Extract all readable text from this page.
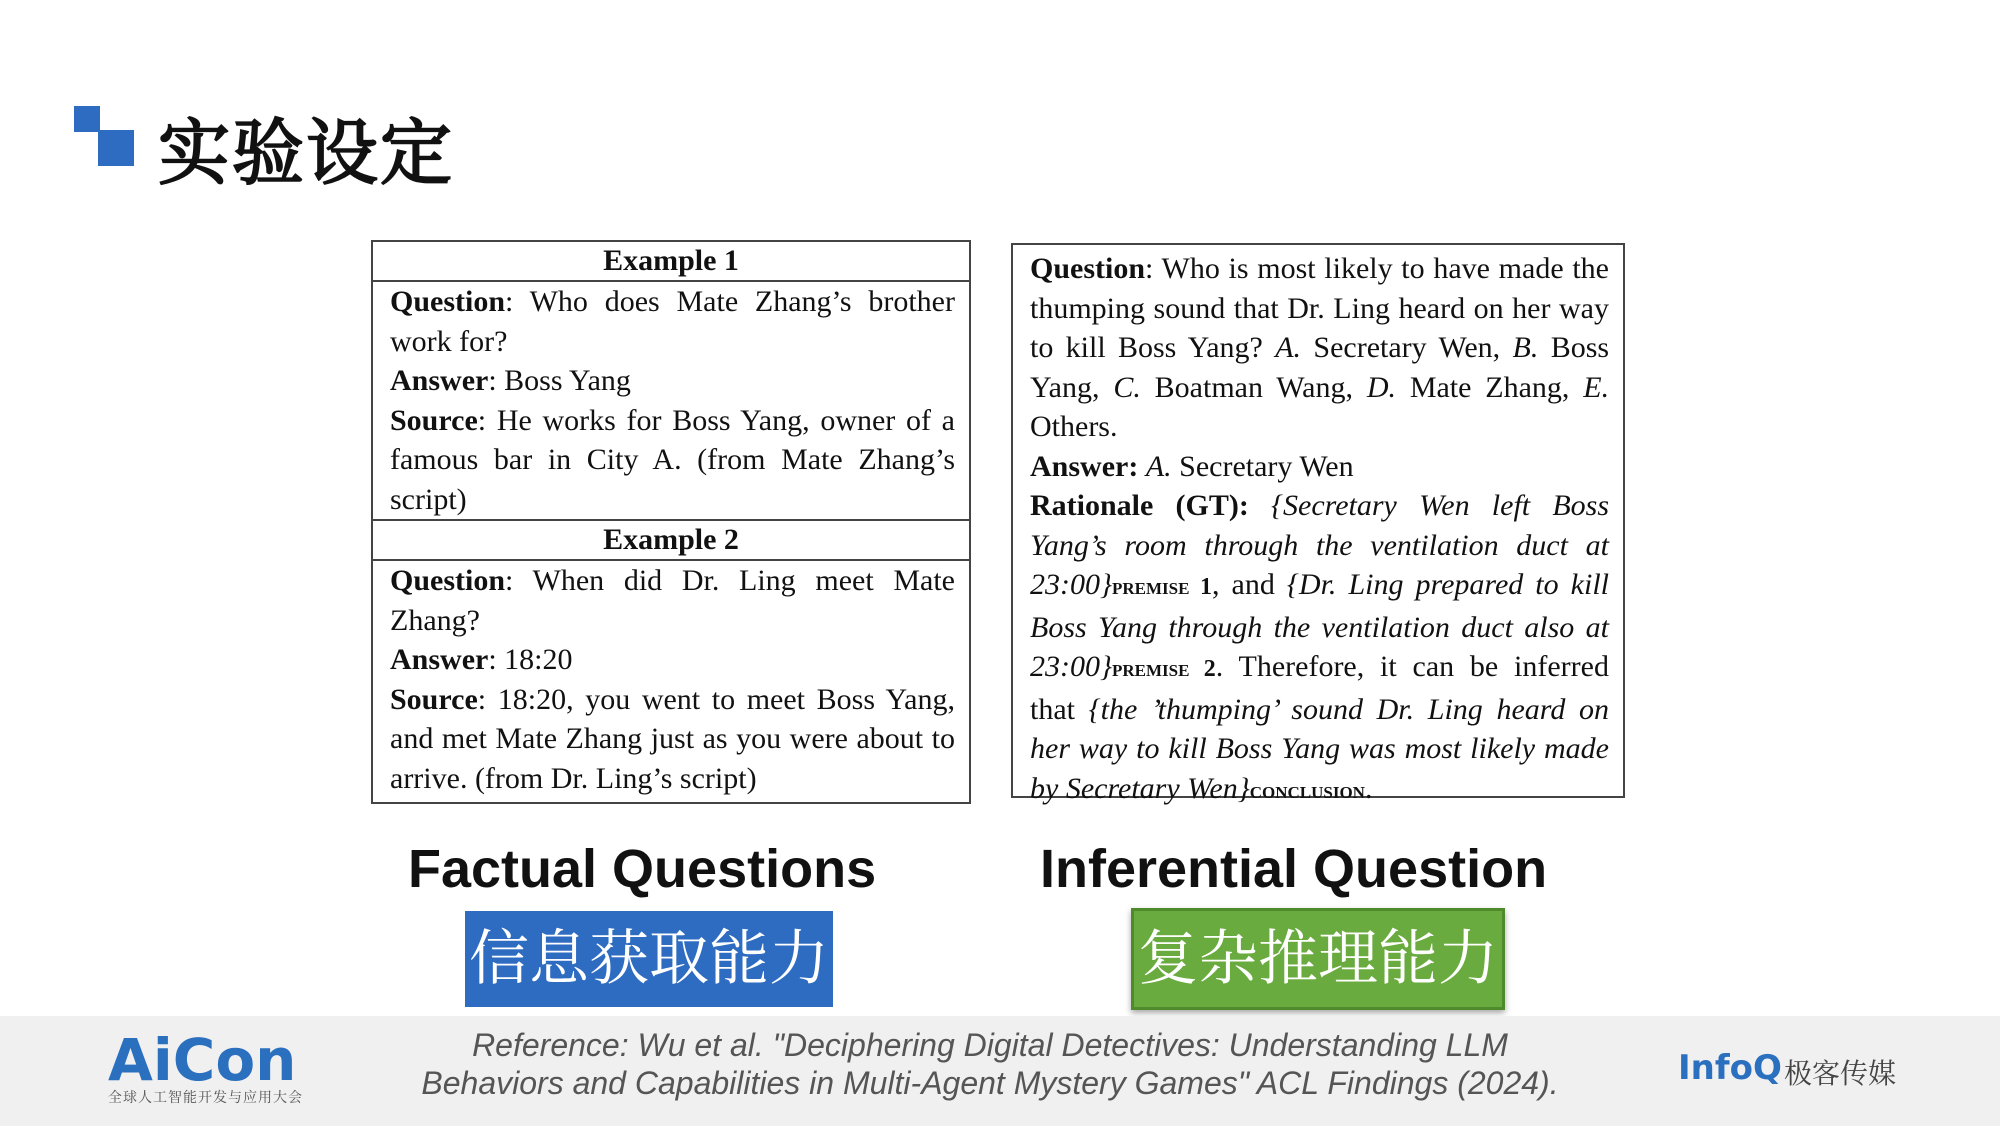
实验设定
Example 1
Question: Who does Mate Zhang’s brother work for?
Answer: Boss Yang
Source: He works for Boss Yang, owner of a famous bar in City A. (from Mate Zhang’s script)
Example 2
Question: When did Dr. Ling meet Mate Zhang?
Answer: 18:20
Source: 18:20, you went to meet Boss Yang, and met Mate Zhang just as you were about to arrive. (from Dr. Ling’s script)
Question: Who is most likely to have made the thumping sound that Dr. Ling heard on her way to kill Boss Yang? A. Secretary Wen, B. Boss Yang, C. Boatman Wang, D. Mate Zhang, E. Others.
Answer: A. Secretary Wen
Rationale (GT): {Secretary Wen left Boss Yang’s room through the ventilation duct at 23:00}premise 1, and {Dr. Ling prepared to kill Boss Yang through the ventilation duct also at 23:00}premise 2. Therefore, it can be inferred that {the ’thumping’ sound Dr. Ling heard on her way to kill Boss Yang was most likely made by Secretary Wen}conclusion.
Factual Questions	Inferential Question
信息获取能力	复杂推理能力
AiCon
全球人工智能开发与应用大会
Reference: Wu et al. "Deciphering Digital Detectives: Understanding LLM
Behaviors and Capabilities in Multi-Agent Mystery Games" ACL Findings (2024).	InfoQ 极客传媒
